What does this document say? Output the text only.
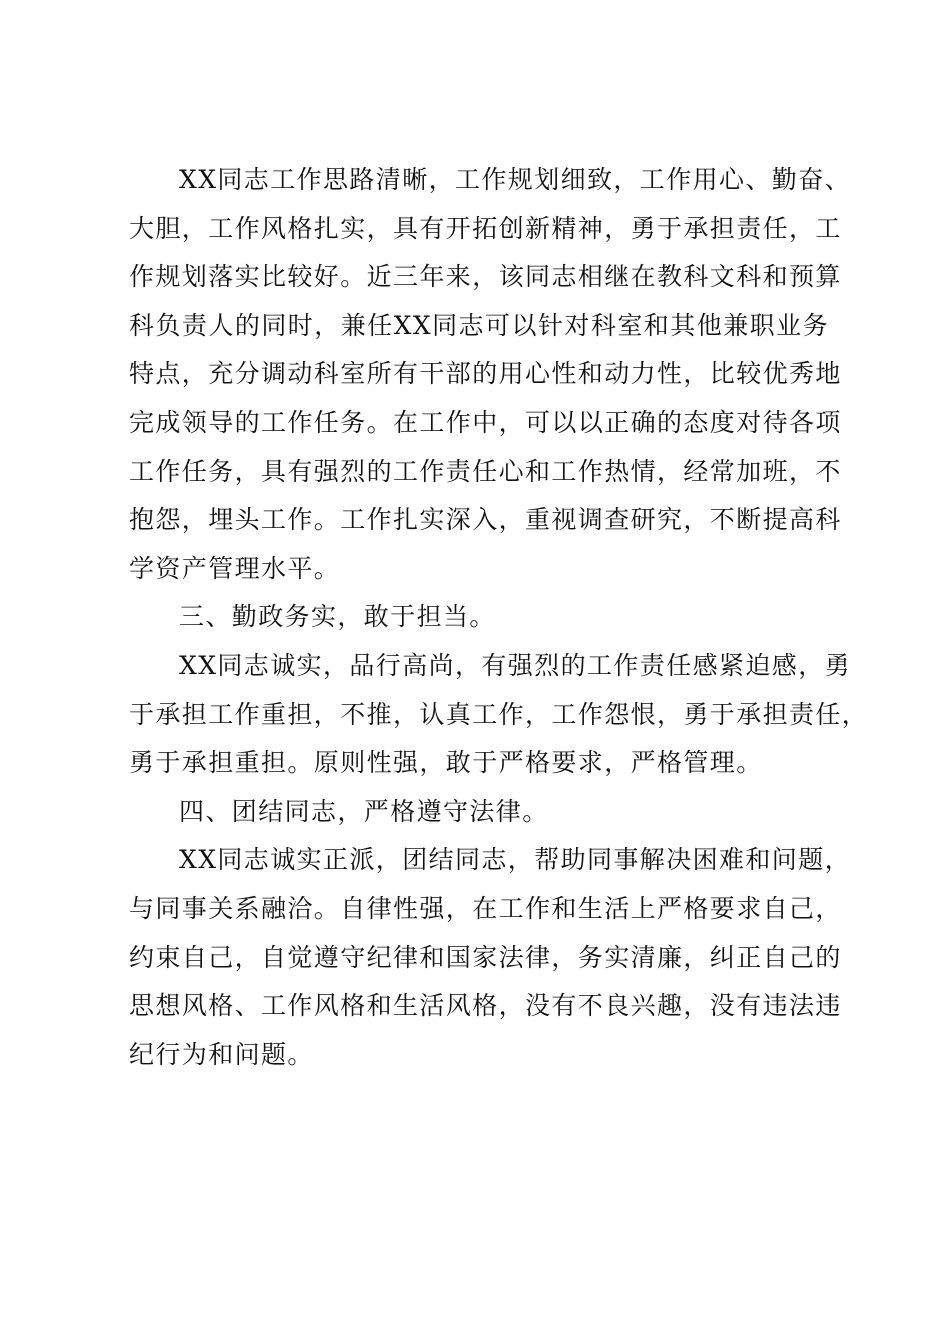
XX同志工作思路清晰，工作规划细致，工作用心、勤奋、
大胆，工作风格扎实，具有开拓创新精神，勇于承担责任，工
作规划落实比较好。近三年来，该同志相继在教科文科和预算
科负责人的同时，兼任XX同志可以针对科室和其他兼职业务
特点，充分调动科室所有干部的用心性和动力性，比较优秀地
完成领导的工作任务。在工作中，可以以正确的态度对待各项
工作任务，具有强烈的工作责任心和工作热情，经常加班，不
抱怨，埋头工作。工作扎实深入，重视调查研究，不断提高科
学资产管理水平。
三、勤政务实，敢于担当。
XX同志诚实，品行高尚，有强烈的工作责任感紧迫感，勇
于承担工作重担，不推，认真工作，工作怨恨，勇于承担责任，
勇于承担重担。原则性强，敢于严格要求，严格管理。
四、团结同志，严格遵守法律。
XX同志诚实正派，团结同志，帮助同事解决困难和问题，
与同事关系融洽。自律性强，在工作和生活上严格要求自己，
约束自己，自觉遵守纪律和国家法律，务实清廉，纠正自己的
思想风格、工作风格和生活风格，没有不良兴趣，没有违法违
纪行为和问题。
